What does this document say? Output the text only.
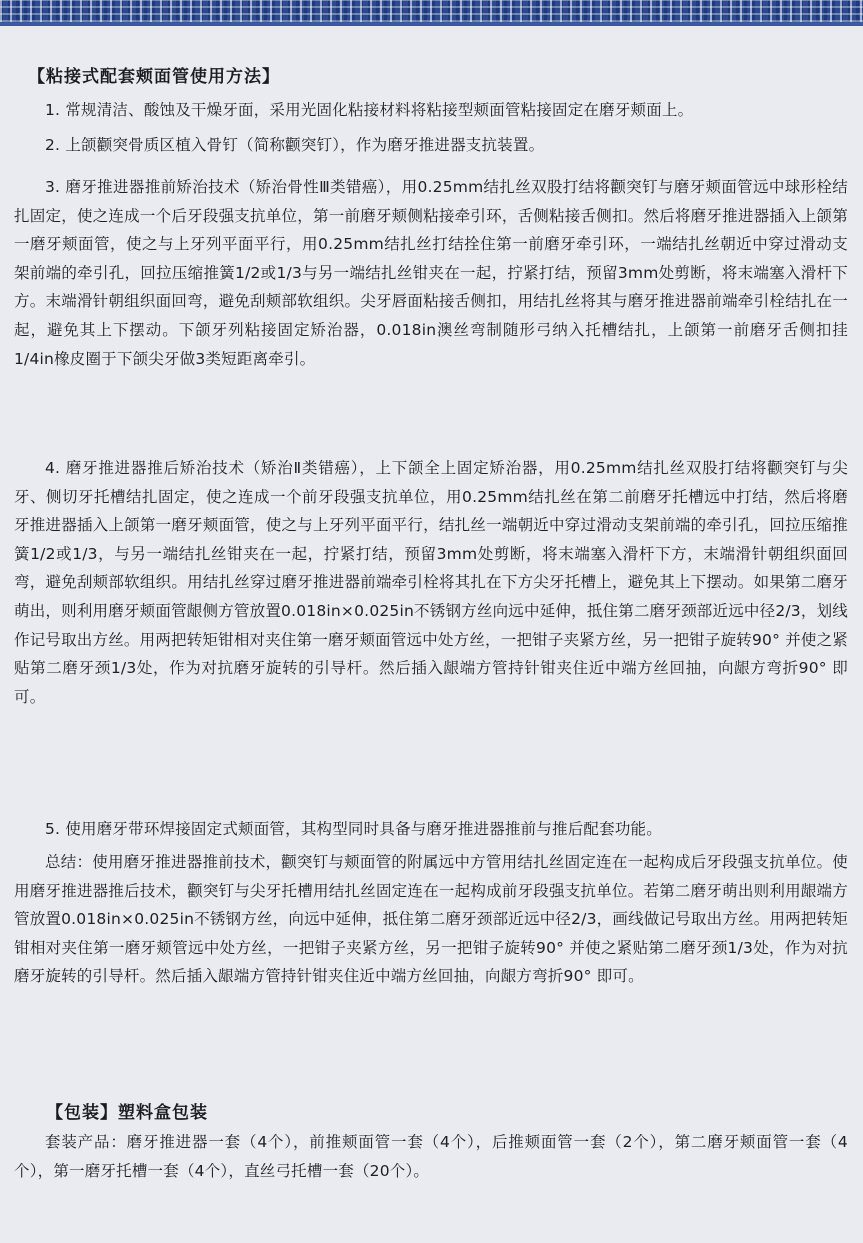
【粘接式配套颊面管使用方法】
1. 常规清洁、酸蚀及干燥牙面，采用光固化粘接材料将粘接型颊面管粘接固定在磨牙颊面上。
2. 上颌颧突骨质区植入骨钉（简称颧突钉），作为磨牙推进器支抗装置。
3. 磨牙推进器推前矫治技术（矫治骨性Ⅲ类错癌），用0.25mm结扎丝双股打结将颧突钉与磨牙颊面管远中球形栓结扎固定，使之连成一个后牙段强支抗单位，第一前磨牙颊侧粘接牵引环，舌侧粘接舌侧扣。然后将磨牙推进器插入上颌第一磨牙颊面管，使之与上牙列平面平行，用0.25mm结扎丝打结拴住第一前磨牙牵引环，一端结扎丝朝近中穿过滑动支架前端的牵引孔，回拉压缩推簧1/2或1/3与另一端结扎丝钳夹在一起，拧紧打结，预留3mm处剪断，将末端塞入滑杆下方。末端滑针朝组织面回弯，避免刮颊部软组织。尖牙唇面粘接舌侧扣，用结扎丝将其与磨牙推进器前端牵引栓结扎在一起，避免其上下摆动。下颌牙列粘接固定矫治器，0.018in澳丝弯制随形弓纳入托槽结扎，上颌第一前磨牙舌侧扣挂1/4in橡皮圈于下颌尖牙做3类短距离牵引。
4. 磨牙推进器推后矫治技术（矫治Ⅱ类错癌），上下颌全上固定矫治器，用0.25mm结扎丝双股打结将颧突钉与尖牙、侧切牙托槽结扎固定，使之连成一个前牙段强支抗单位，用0.25mm结扎丝在第二前磨牙托槽远中打结，然后将磨牙推进器插入上颌第一磨牙颊面管，使之与上牙列平面平行，结扎丝一端朝近中穿过滑动支架前端的牵引孔，回拉压缩推簧1/2或1/3，与另一端结扎丝钳夹在一起，拧紧打结，预留3mm处剪断，将末端塞入滑杆下方，末端滑针朝组织面回弯，避免刮颊部软组织。用结扎丝穿过磨牙推进器前端牵引栓将其扎在下方尖牙托槽上，避免其上下摆动。如果第二磨牙萌出，则利用磨牙颊面管龈侧方管放置0.018in×0.025in不锈钢方丝向远中延伸，抵住第二磨牙颈部近远中径2/3，划线作记号取出方丝。用两把转矩钳相对夹住第一磨牙颊面管远中处方丝，一把钳子夹紧方丝，另一把钳子旋转90° 并使之紧贴第二磨牙颈1/3处，作为对抗磨牙旋转的引导杆。然后插入龈端方管持针钳夹住近中端方丝回抽，向龈方弯折90° 即可。
5. 使用磨牙带环焊接固定式颊面管，其构型同时具备与磨牙推进器推前与推后配套功能。
总结：使用磨牙推进器推前技术，颧突钉与颊面管的附属远中方管用结扎丝固定连在一起构成后牙段强支抗单位。使用磨牙推进器推后技术，颧突钉与尖牙托槽用结扎丝固定连在一起构成前牙段强支抗单位。若第二磨牙萌出则利用龈端方管放置0.018in×0.025in不锈钢方丝，向远中延伸，抵住第二磨牙颈部近远中径2/3，画线做记号取出方丝。用两把转矩钳相对夹住第一磨牙颊管远中处方丝，一把钳子夹紧方丝，另一把钳子旋转90° 并使之紧贴第二磨牙颈1/3处，作为对抗磨牙旋转的引导杆。然后插入龈端方管持针钳夹住近中端方丝回抽，向龈方弯折90° 即可。
【包装】塑料盒包装
套装产品：磨牙推进器一套（4个），前推颊面管一套（4个），后推颊面管一套（2个），第二磨牙颊面管一套（4个），第一磨牙托槽一套（4个），直丝弓托槽一套（20个）。
